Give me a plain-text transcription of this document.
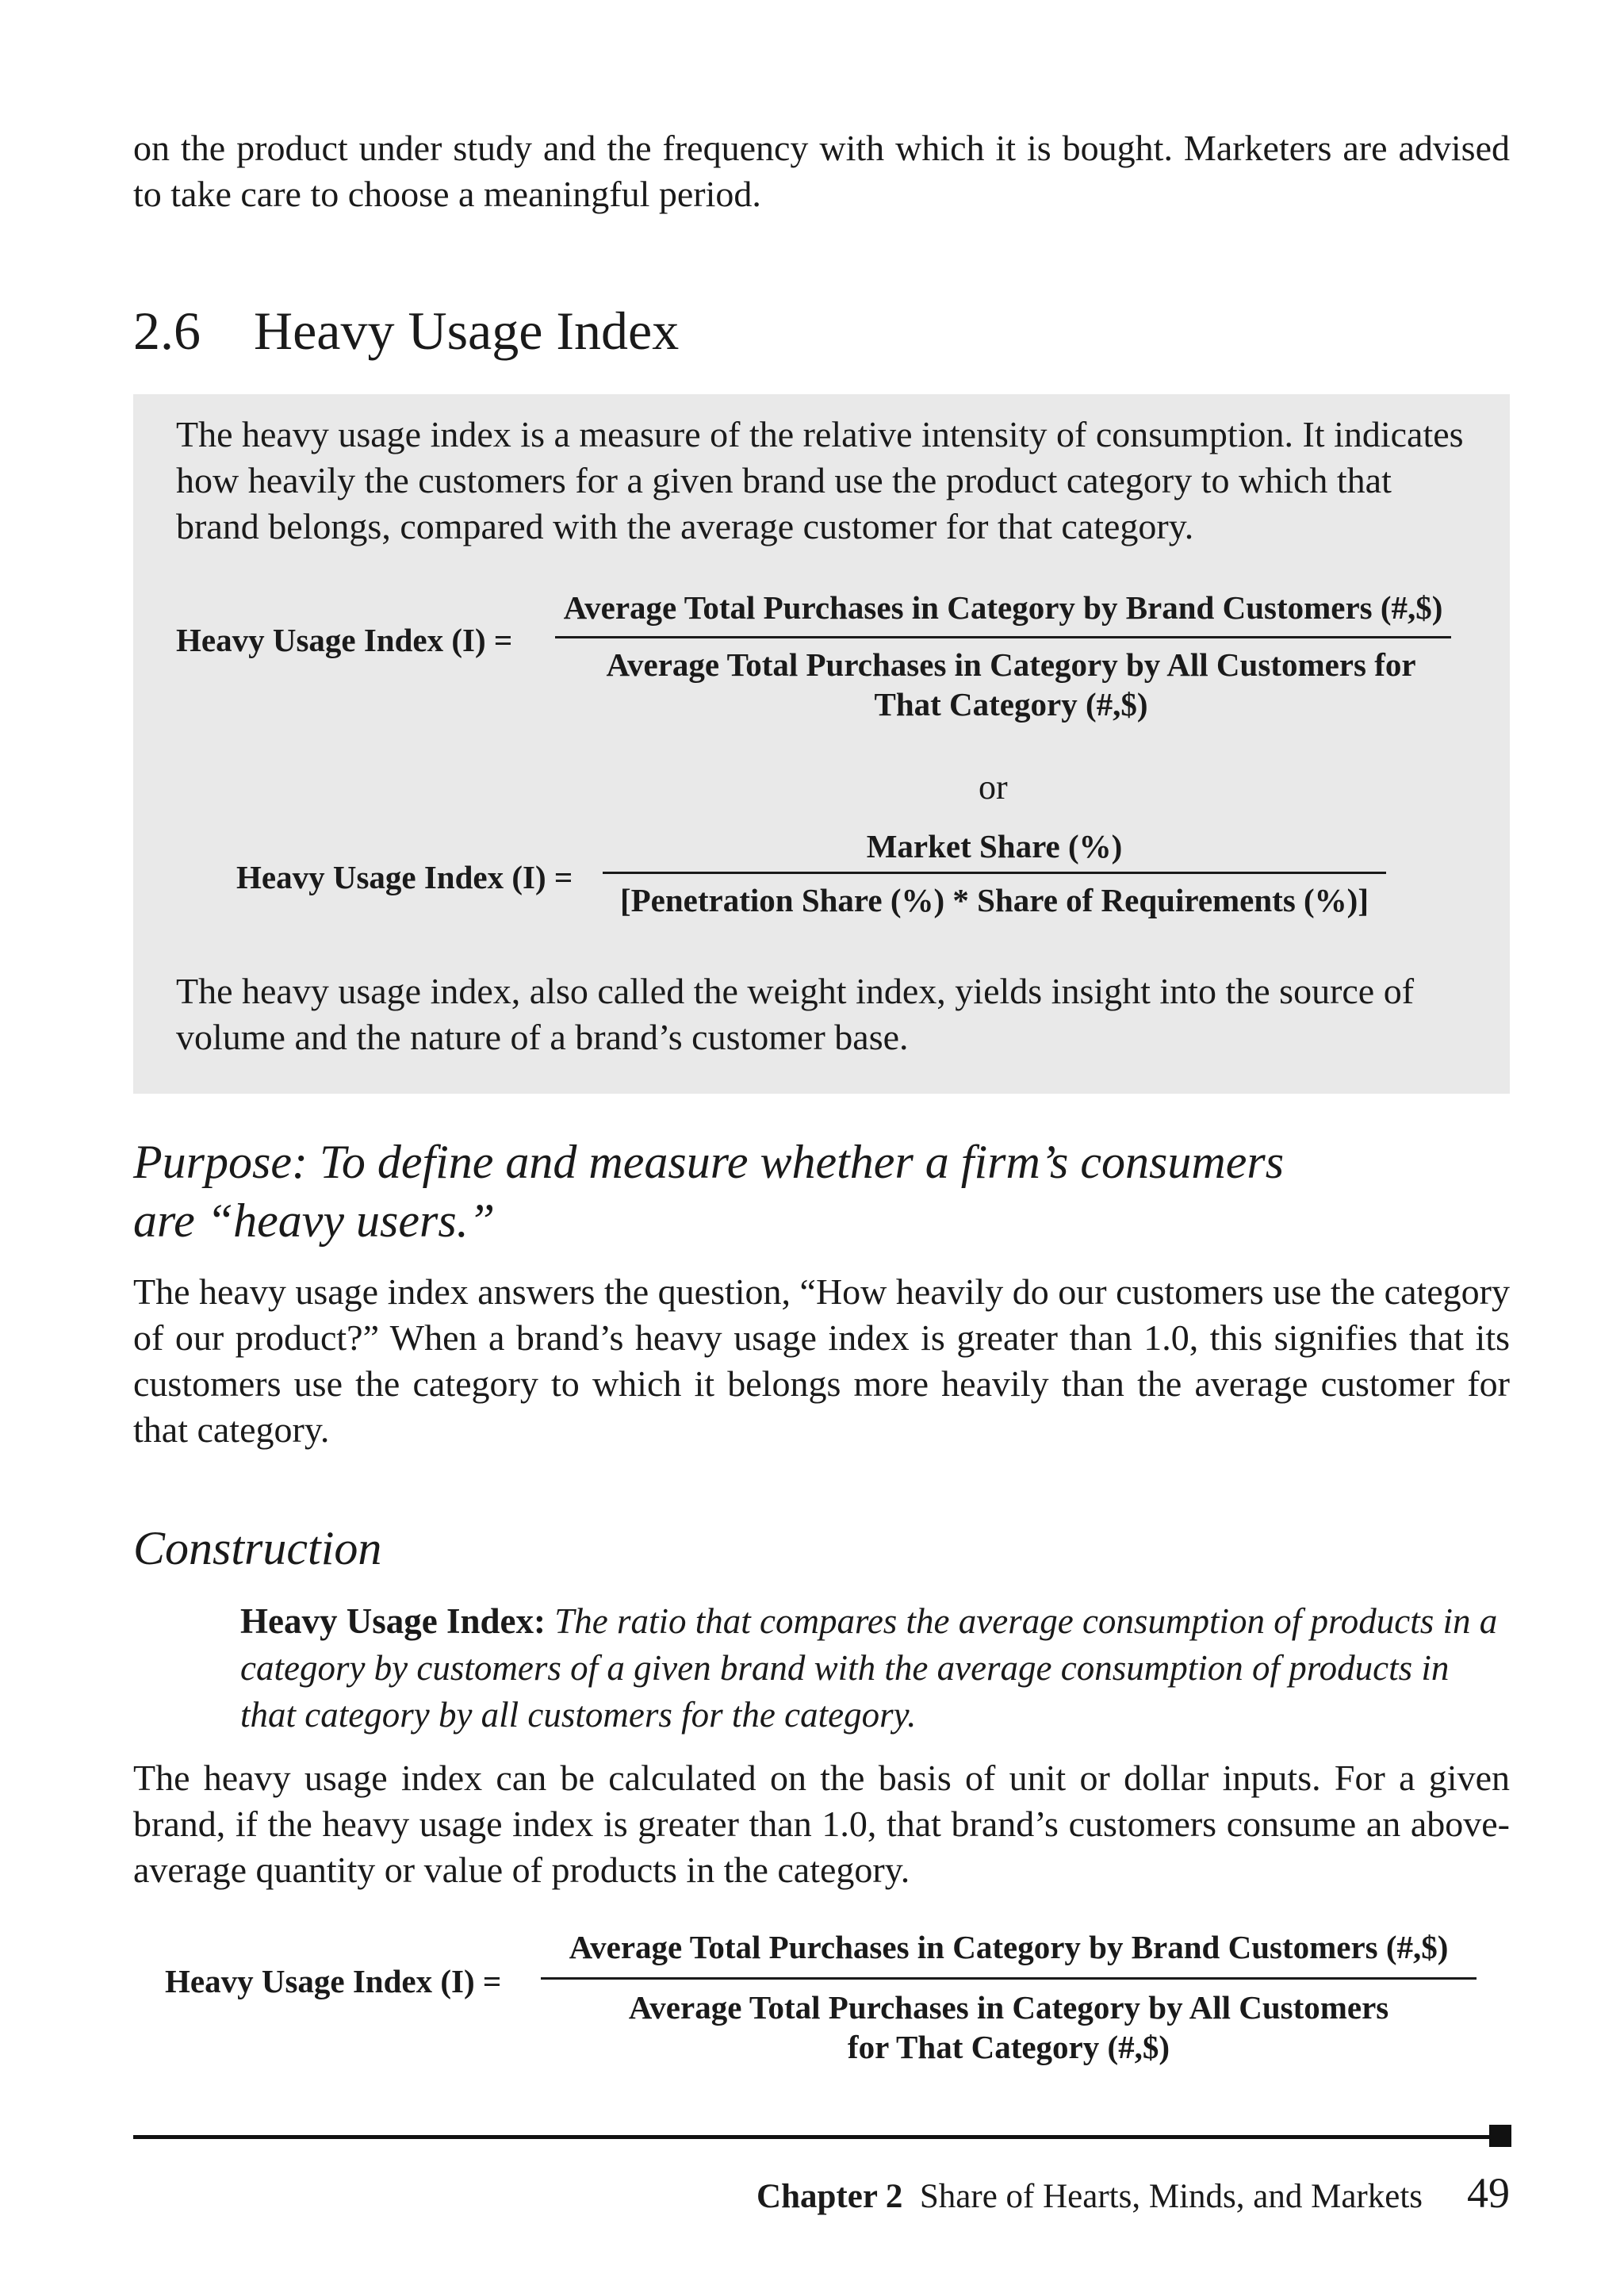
on the product under study and the frequency with which it is bought. Marketers are advised to take care to choose a meaningful period.

2.6 Heavy Usage Index

The heavy usage index is a measure of the relative intensity of consumption. It indicates how heavily the customers for a given brand use the product category to which that brand belongs, compared with the average customer for that category.

Heavy Usage Index (I) =
Average Total Purchases in Category by Brand Customers (#,$)
Average Total Purchases in Category by All Customers for
That Category (#,$)
or
Heavy Usage Index (I) =
Market Share (%)
[Penetration Share (%) * Share of Requirements (%)]

The heavy usage index, also called the weight index, yields insight into the source of volume and the nature of a brand’s customer base.

Purpose: To define and measure whether a firm’s consumers
are “heavy users.”

The heavy usage index answers the question, “How heavily do our customers use the category of our product?” When a brand’s heavy usage index is greater than 1.0, this signifies that its customers use the category to which it belongs more heavily than the average customer for that category.

Construction

Heavy Usage Index: The ratio that compares the average consumption of products in a category by customers of a given brand with the average consumption of products in that category by all customers for the category.

The heavy usage index can be calculated on the basis of unit or dollar inputs. For a given brand, if the heavy usage index is greater than 1.0, that brand’s customers consume an above-average quantity or value of products in the category.

Heavy Usage Index (I) =
Average Total Purchases in Category by Brand Customers (#,$)
Average Total Purchases in Category by All Customers
for That Category (#,$)
Chapter 2 Share of Hearts, Minds, and Markets 49
